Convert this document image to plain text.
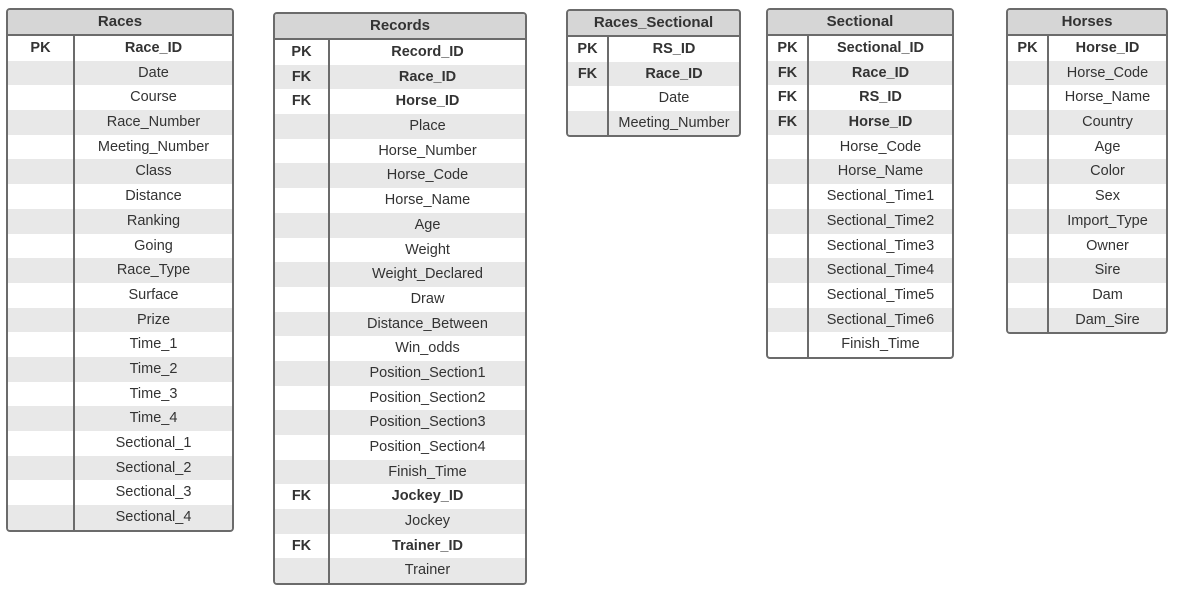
Races
PK	Race_ID
Date
Course
Race_Number
Meeting_Number
Class
Distance
Ranking
Going
Race_Type
Surface
Prize
Time_1
Time_2
Time_3
Time_4
Sectional_1
Sectional_2
Sectional_3
Sectional_4
Records
PK	Record_ID
FK	Race_ID
FK	Horse_ID
Place
Horse_Number
Horse_Code
Horse_Name
Age
Weight
Weight_Declared
Draw
Distance_Between
Win_odds
Position_Section1
Position_Section2
Position_Section3
Position_Section4
Finish_Time
FK	Jockey_ID
Jockey
FK	Trainer_ID
Trainer
Races_Sectional
PK	RS_ID
FK	Race_ID
Date
Meeting_Number
Sectional
PK	Sectional_ID
FK	Race_ID
FK	RS_ID
FK	Horse_ID
Horse_Code
Horse_Name
Sectional_Time1
Sectional_Time2
Sectional_Time3
Sectional_Time4
Sectional_Time5
Sectional_Time6
Finish_Time
Horses
PK	Horse_ID
Horse_Code
Horse_Name
Country
Age
Color
Sex
Import_Type
Owner
Sire
Dam
Dam_Sire
